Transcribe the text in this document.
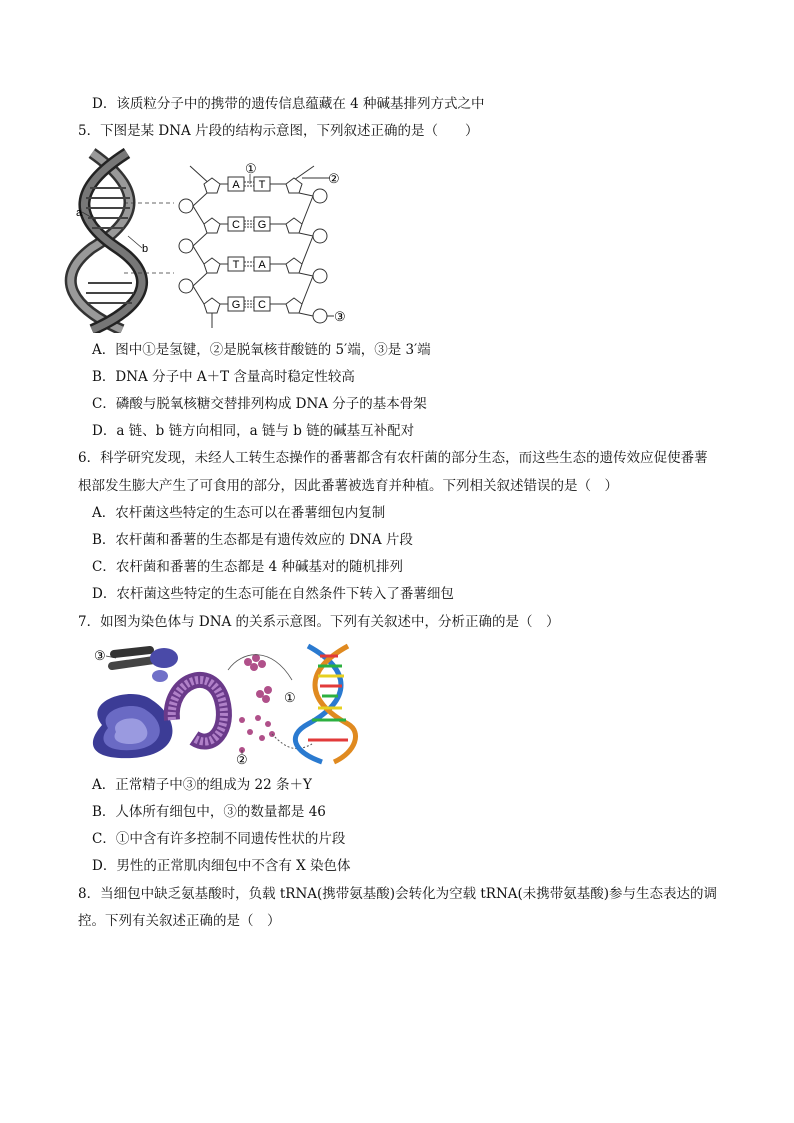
D．该质粒分子中的携带的遗传信息蕴藏在 4 种碱基排列方式之中
5．下图是某 DNA 片段的结构示意图，下列叙述正确的是（　　）
a
b
A T
C G
T A
G C
①
②
③
A．图中①是氢键，②是脱氧核苷酸链的 5′端，③是 3′端
B．DNA 分子中 A＋T 含量高时稳定性较高
C．磷酸与脱氧核糖交替排列构成 DNA 分子的基本骨架
D．a 链、b 链方向相同，a 链与 b 链的碱基互补配对
6．科学研究发现，未经人工转生态操作的番薯都含有农杆菌的部分生态，而这些生态的遗传效应促使番薯
根部发生膨大产生了可食用的部分，因此番薯被选育并种植。下列相关叙述错误的是（　）
A．农杆菌这些特定的生态可以在番薯细包内复制
B．农杆菌和番薯的生态都是有遗传效应的 DNA 片段
C．农杆菌和番薯的生态都是 4 种碱基对的随机排列
D．农杆菌这些特定的生态可能在自然条件下转入了番薯细包
7．如图为染色体与 DNA 的关系示意图。下列有关叙述中，分析正确的是（　）
③
②
①
A．正常精子中③的组成为 22 条＋Y
B．人体所有细包中，③的数量都是 46
C．①中含有许多控制不同遗传性状的片段
D．男性的正常肌肉细包中不含有 X 染色体
8．当细包中缺乏氨基酸时，负载 tRNA(携带氨基酸)会转化为空载 tRNA(未携带氨基酸)参与生态表达的调
控。下列有关叙述正确的是（　）
